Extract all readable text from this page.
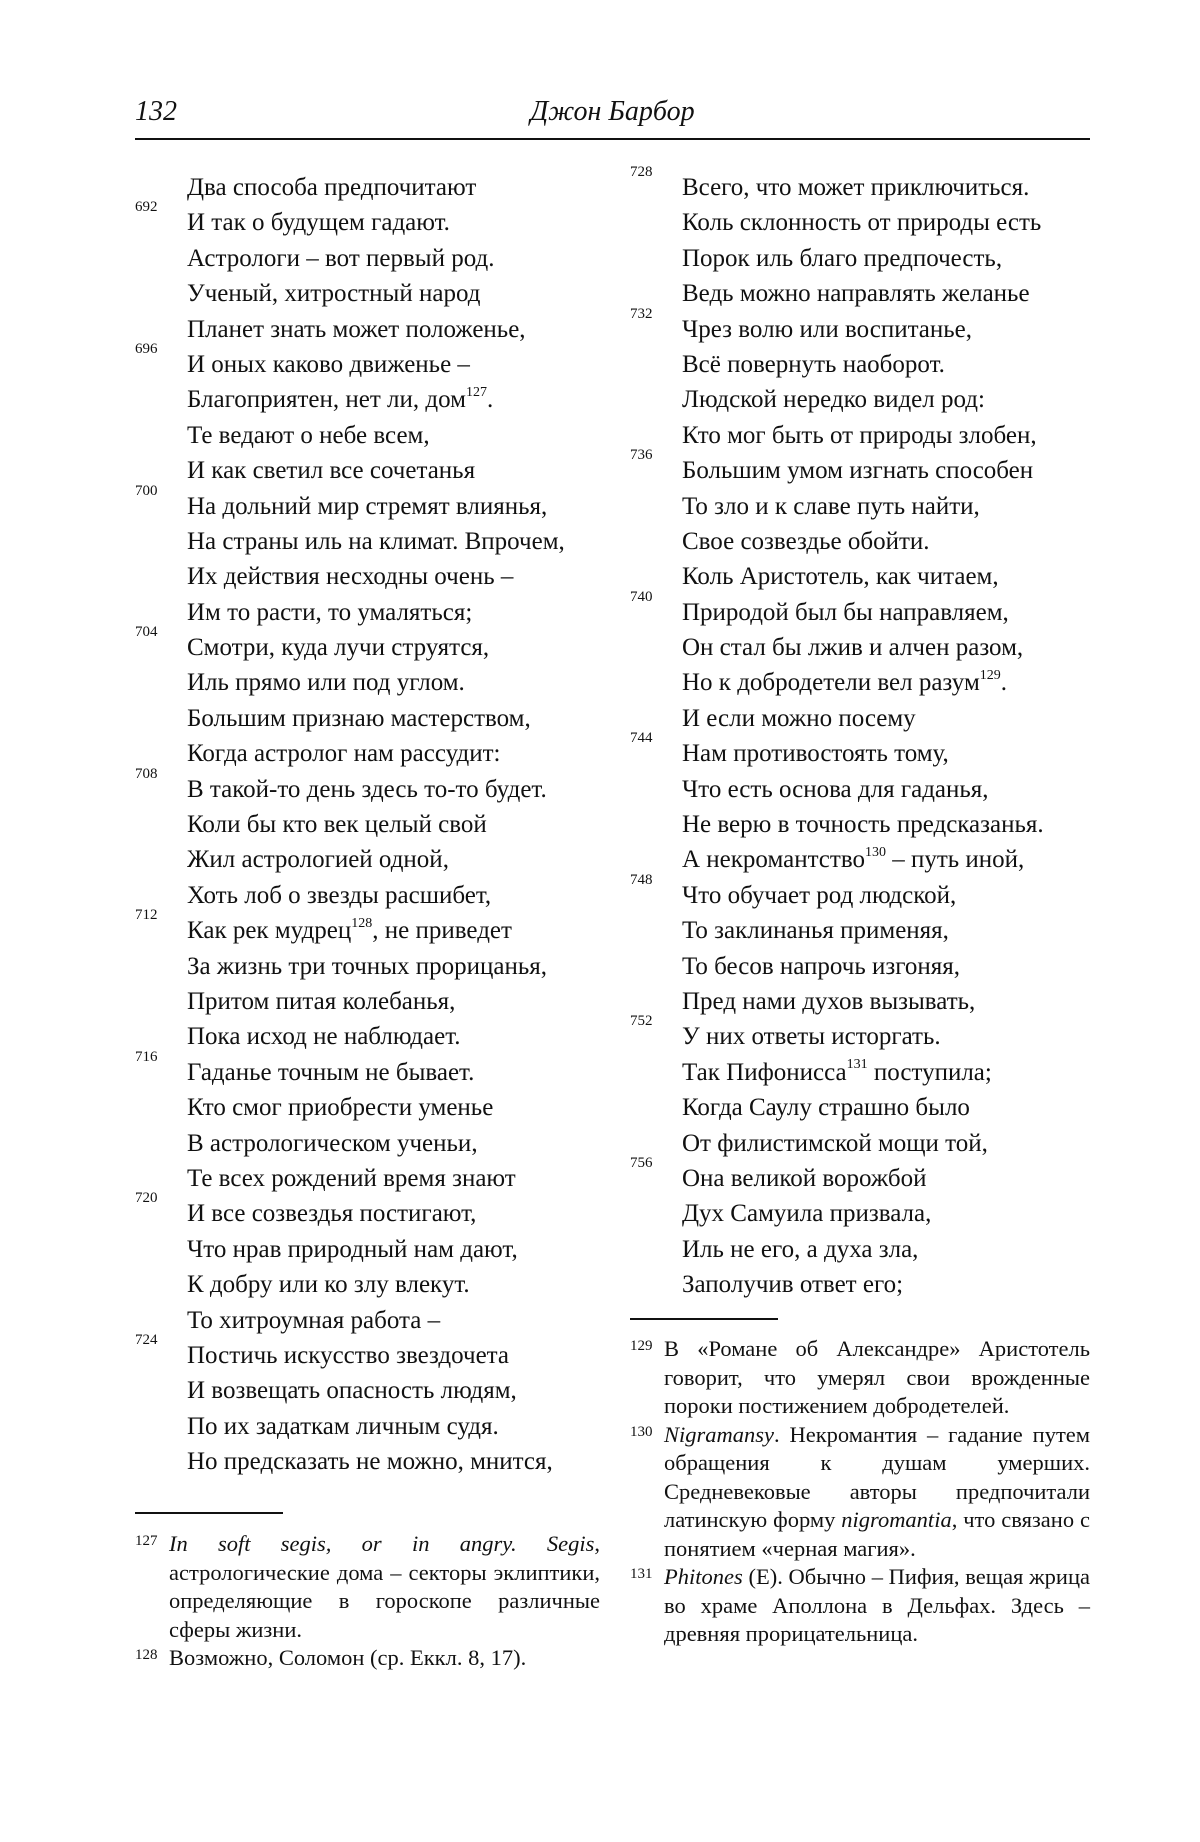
132	Джон Барбор
Два способа предпочитают
692
И так о будущем гадают.
Астрологи – вот первый род.
Ученый, хитростный народ
Планет знать может положенье,
696
И оных каково движенье –
Благоприятен, нет ли, дом$^{127}$.
Те ведают о небе всем,
И как светил все сочетанья
700
На дольний мир стремят влиянья,
На страны иль на климат. Впрочем,
Их действия несходны очень –
Им то расти, то умаляться;
704
Смотри, куда лучи струятся,
Иль прямо или под углом.
Большим признаю мастерством,
Когда астролог нам рассудит:
708
В такой-то день здесь то-то будет.
Коли бы кто век целый свой
Жил астрологией одной,
Хоть лоб о звезды расшибет,
712
Как рек мудрец$^{128}$, не приведет
За жизнь три точных прорицанья,
Притом питая колебанья,
Пока исход не наблюдает.
716
Гаданье точным не бывает.
Кто смог приобрести уменье
В астрологическом ученьи,
Те всех рождений время знают
720
И все созвездья постигают,
Что нрав природный нам дают,
К добру или ко злу влекут.
То хитроумная работа –
724
Постичь искусство звездочета
И возвещать опасность людям,
По их задаткам личным судя.
Но предсказать не можно, мнится,
728
Всего, что может приключиться.
Коль склонность от природы есть
Порок иль благо предпочесть,
Ведь можно направлять желанье
732
Чрез волю или воспитанье,
Всё повернуть наоборот.
Людской нередко видел род:
Кто мог быть от природы злобен,
736
Большим умом изгнать способен
То зло и к славе путь найти,
Свое созвездье обойти.
Коль Аристотель, как читаем,
740
Природой был бы направляем,
Он стал бы лжив и алчен разом,
Но к добродетели вел разум$^{129}$.
И если можно посему
744
Нам противостоять тому,
Что есть основа для гаданья,
Не верю в точность предсказанья.
А некромантство$^{130}$ – путь иной,
748
Что обучает род людской,
То заклинанья применяя,
То бесов напрочь изгоняя,
Пред нами духов вызывать,
752
У них ответы исторгать.
Так Пифонисса$^{131}$ поступила;
Когда Саулу страшно было
От филистимской мощи той,
756
Она великой ворожбой
Дух Самуила призвала,
Иль не его, а духа зла,
Заполучив ответ его;

127 In soft segis, or in angry. Segis, астрологические дома – секторы эклиптики, определяющие в гороскопе различные сферы жизни.

128 Возможно, Соломон (ср. Еккл. 8, 17).

129 В «Романе об Александре» Аристотель говорит, что умерял свои врожденные пороки постижением добродетелей.

130 Nigramansy. Некромантия – гадание путем обращения к душам умерших. Средневековые авторы предпочитали латинскую форму nigromantia, что связано с понятием «черная магия».

131 Phitones (E). Обычно – Пифия, вещая жрица во храме Аполлона в Дельфах. Здесь – древняя прорицательница.
